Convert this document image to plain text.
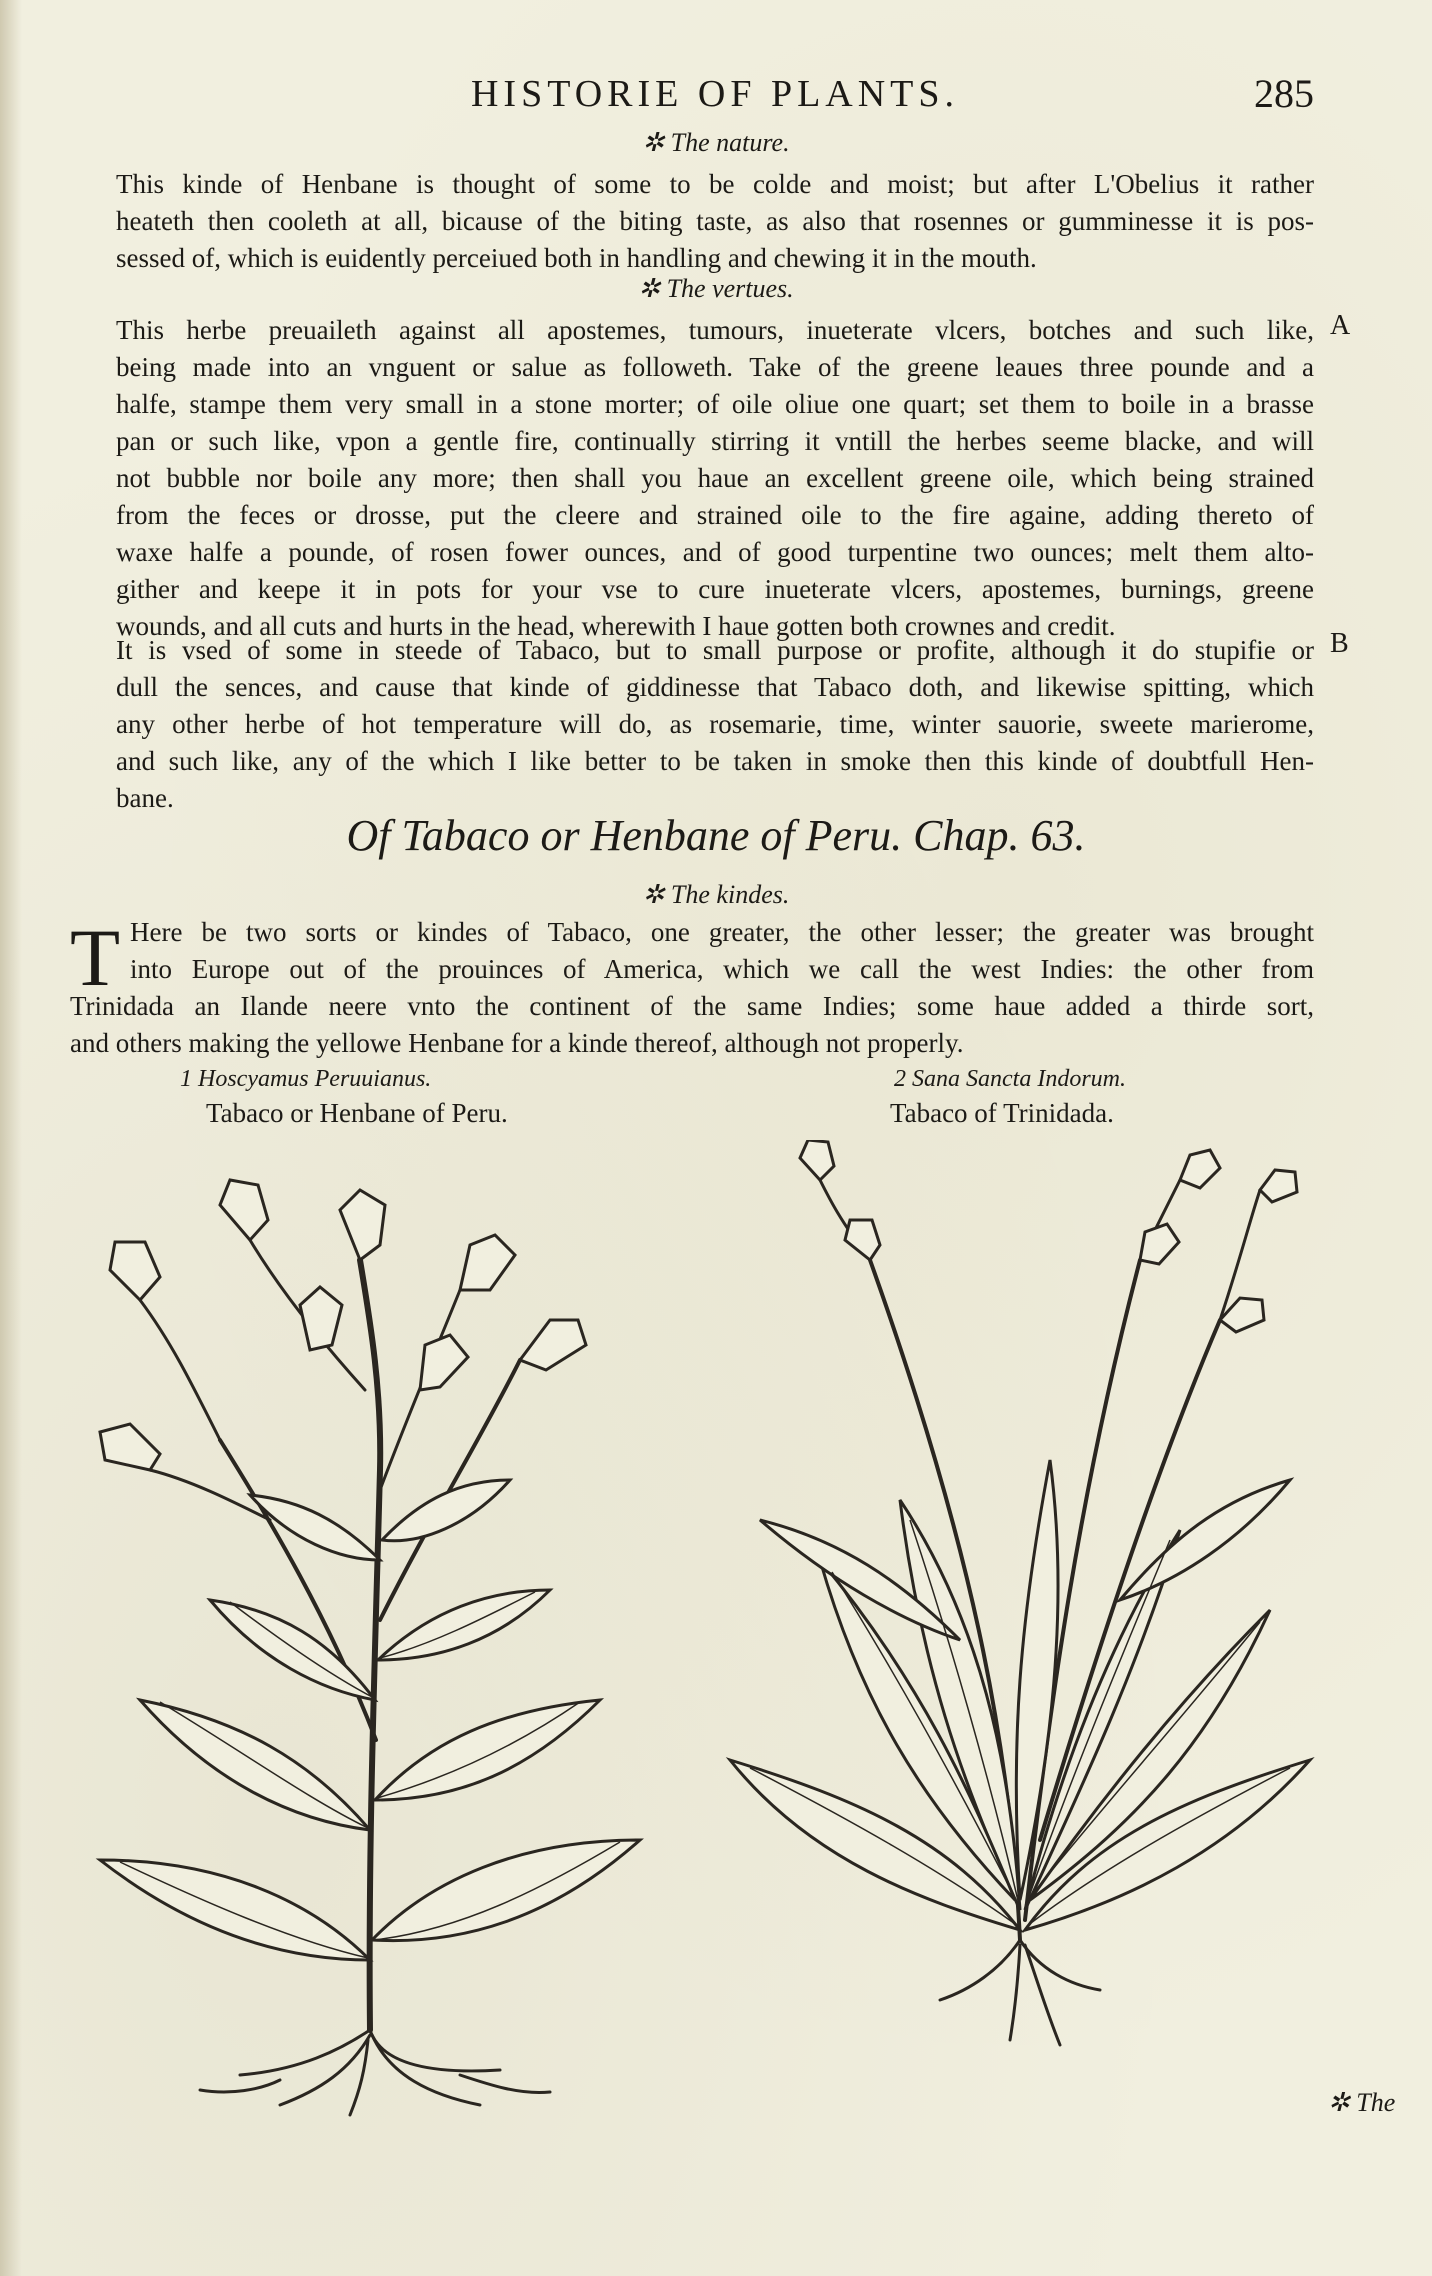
HISTORIE OF PLANTS.	285
✲ The nature.
This kinde of Henbane is thought of some to be colde and moist; but after L'Obelius it rather
heateth then cooleth at all, bicause of the biting taste, as also that rosennes or gumminesse it is pos-
sessed of, which is euidently perceiued both in handling and chewing it in the mouth.
✲ The vertues.
A
This herbe preuaileth against all apostemes, tumours, inueterate vlcers, botches and such like,
being made into an vnguent or salue as followeth. Take of the greene leaues three pounde and a
halfe, stampe them very small in a stone morter; of oile oliue one quart; set them to boile in a brasse
pan or such like, vpon a gentle fire, continually stirring it vntill the herbes seeme blacke, and will
not bubble nor boile any more; then shall you haue an excellent greene oile, which being strained
from the feces or drosse, put the cleere and strained oile to the fire againe, adding thereto of
waxe halfe a pounde, of rosen fower ounces, and of good turpentine two ounces; melt them alto-
gither and keepe it in pots for your vse to cure inueterate vlcers, apostemes, burnings, greene
wounds, and all cuts and hurts in the head, wherewith I haue gotten both crownes and credit.
B
It is vsed of some in steede of Tabaco, but to small purpose or profite, although it do stupifie or
dull the sences, and cause that kinde of giddinesse that Tabaco doth, and likewise spitting, which
any other herbe of hot temperature will do, as rosemarie, time, winter sauorie, sweete marierome,
and such like, any of the which I like better to be taken in smoke then this kinde of doubtfull Hen-
bane.
Of Tabaco or Henbane of Peru. Chap. 63.
✲ The kindes.
T Here be two sorts or kindes of Tabaco, one greater, the other lesser; the greater was brought
into Europe out of the prouinces of America, which we call the west Indies: the other from
Trinidada an Ilande neere vnto the continent of the same Indies; some haue added a thirde sort,
and others making the yellowe Henbane for a kinde thereof, although not properly.
1 Hoscyamus Peruuianus.
Tabaco or Henbane of Peru.
2 Sana Sancta Indorum.
Tabaco of Trinidada.
✲ The
